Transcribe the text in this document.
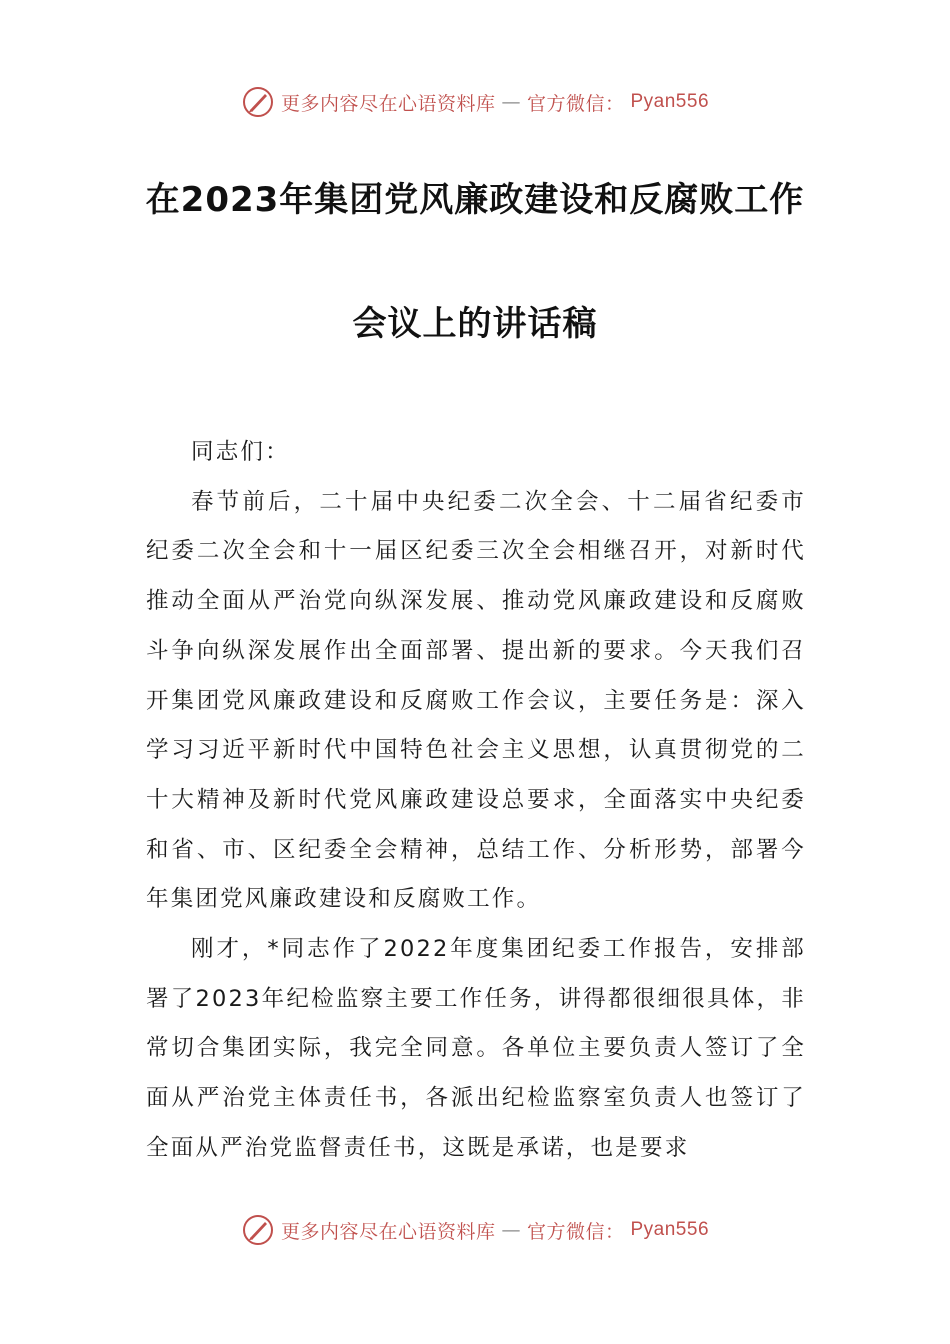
更多内容尽在心语资料库 — 官方微信： Pyan556
在2023年集团党风廉政建设和反腐败工作
会议上的讲话稿

同志们：

春节前后，二十届中央纪委二次全会、十二届省纪委市纪委二次全会和十一届区纪委三次全会相继召开，对新时代推动全面从严治党向纵深发展、推动党风廉政建设和反腐败斗争向纵深发展作出全面部署、提出新的要求。今天我们召开集团党风廉政建设和反腐败工作会议，主要任务是：深入学习习近平新时代中国特色社会主义思想，认真贯彻党的二十大精神及新时代党风廉政建设总要求，全面落实中央纪委和省、市、区纪委全会精神，总结工作、分析形势，部署今年集团党风廉政建设和反腐败工作。

刚才，*同志作了2022年度集团纪委工作报告，安排部署了2023年纪检监察主要工作任务，讲得都很细很具体，非常切合集团实际，我完全同意。各单位主要负责人签订了全面从严治党主体责任书，各派出纪检监察室负责人也签订了全面从严治党监督责任书，这既是承诺，也是要求

更多内容尽在心语资料库 — 官方微信： Pyan556
